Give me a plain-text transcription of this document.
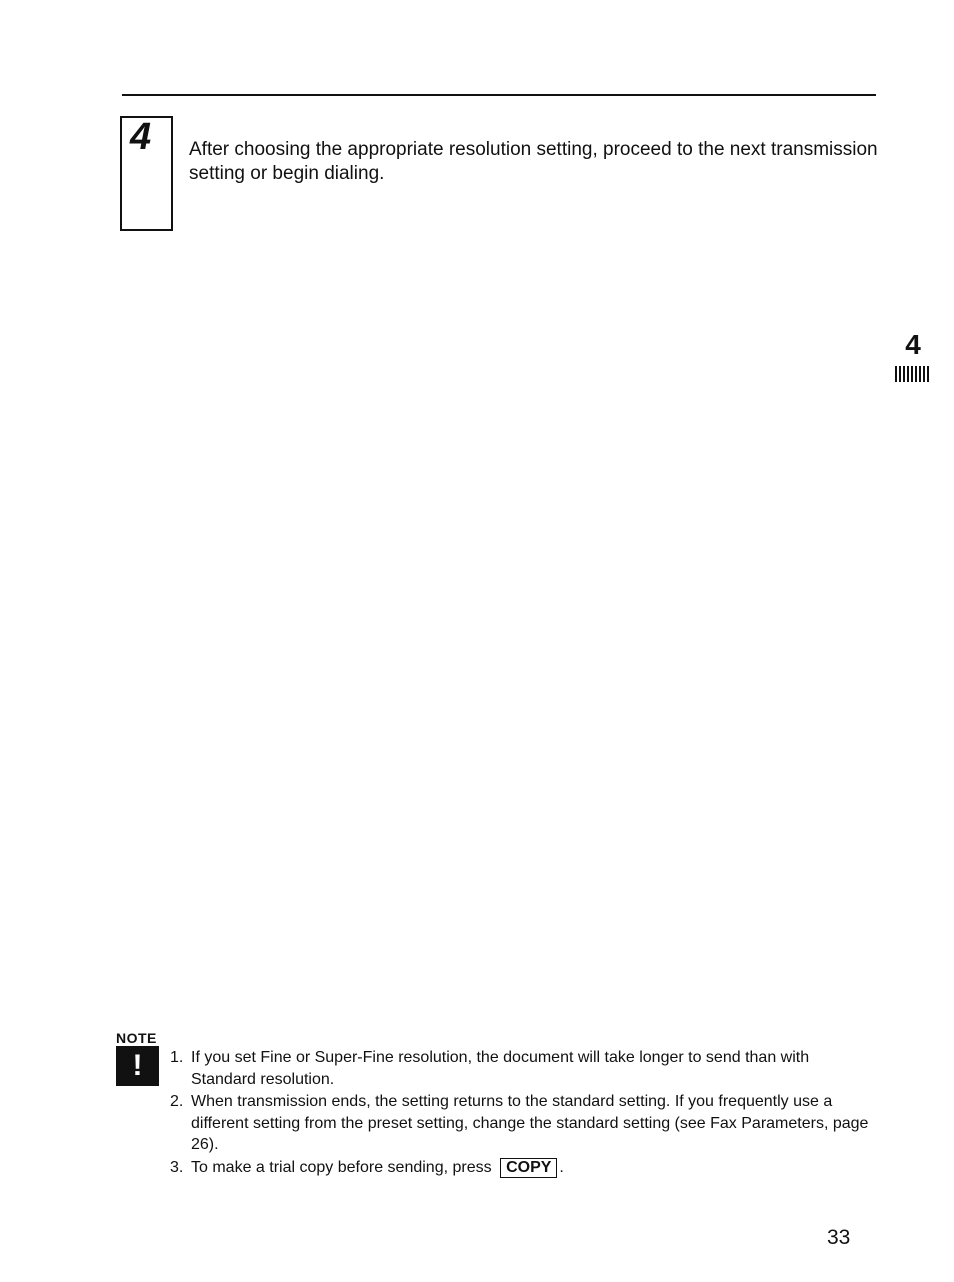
4 After choosing the appropriate resolution setting, proceed to the next transmission setting or begin dialing.
4
NOTE
!	1. If you set Fine or Super-Fine resolution, the document will take longer to send than with Standard resolution.
2. When transmission ends, the setting returns to the standard setting. If you frequently use a different setting from the preset setting, change the standard setting (see Fax Parameters, page 26).
3. To make a trial copy before sending, press COPY .
33
